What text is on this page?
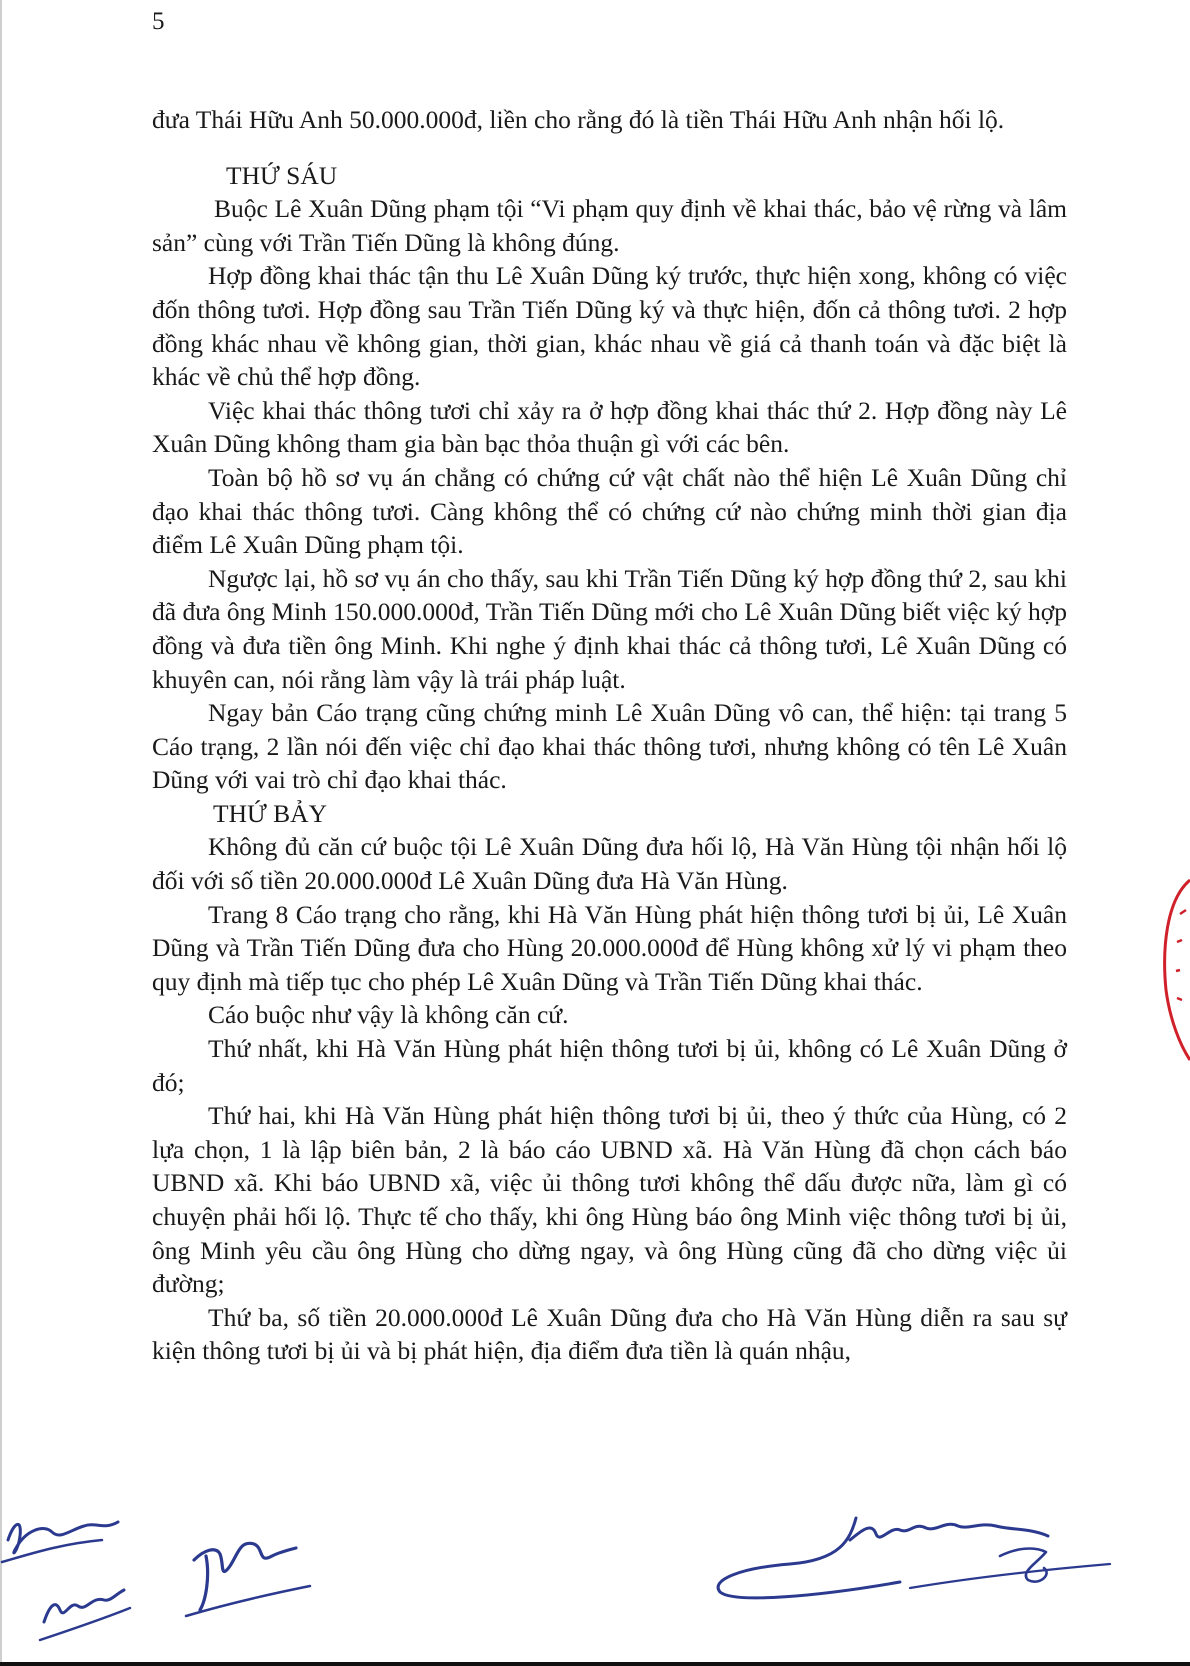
5

đưa Thái Hữu Anh 50.000.000đ, liền cho rằng đó là tiền Thái Hữu Anh nhận hối lộ.

THỨ SÁU

Buộc Lê Xuân Dũng phạm tội “Vi phạm quy định về khai thác, bảo vệ rừng và lâm sản” cùng với Trần Tiến Dũng là không đúng.

Hợp đồng khai thác tận thu Lê Xuân Dũng ký trước, thực hiện xong, không có việc đốn thông tươi. Hợp đồng sau Trần Tiến Dũng ký và thực hiện, đốn cả thông tươi. 2 hợp đồng khác nhau về không gian, thời gian, khác nhau về giá cả thanh toán và đặc biệt là khác về chủ thể hợp đồng.

Việc khai thác thông tươi chỉ xảy ra ở hợp đồng khai thác thứ 2. Hợp đồng này Lê Xuân Dũng không tham gia bàn bạc thỏa thuận gì với các bên.

Toàn bộ hồ sơ vụ án chẳng có chứng cứ vật chất nào thể hiện Lê Xuân Dũng chỉ đạo khai thác thông tươi. Càng không thể có chứng cứ nào chứng minh thời gian địa điểm Lê Xuân Dũng phạm tội.

Ngược lại, hồ sơ vụ án cho thấy, sau khi Trần Tiến Dũng ký hợp đồng thứ 2, sau khi đã đưa ông Minh 150.000.000đ, Trần Tiến Dũng mới cho Lê Xuân Dũng biết việc ký hợp đồng và đưa tiền ông Minh. Khi nghe ý định khai thác cả thông tươi, Lê Xuân Dũng có khuyên can, nói rằng làm vậy là trái pháp luật.

Ngay bản Cáo trạng cũng chứng minh Lê Xuân Dũng vô can, thể hiện: tại trang 5 Cáo trạng, 2 lần nói đến việc chỉ đạo khai thác thông tươi, nhưng không có tên Lê Xuân Dũng với vai trò chỉ đạo khai thác.

THỨ BẢY

Không đủ căn cứ buộc tội Lê Xuân Dũng đưa hối lộ, Hà Văn Hùng tội nhận hối lộ đối với số tiền 20.000.000đ Lê Xuân Dũng đưa Hà Văn Hùng.

Trang 8 Cáo trạng cho rằng, khi Hà Văn Hùng phát hiện thông tươi bị ủi, Lê Xuân Dũng và Trần Tiến Dũng đưa cho Hùng 20.000.000đ để Hùng không xử lý vi phạm theo quy định mà tiếp tục cho phép Lê Xuân Dũng và Trần Tiến Dũng khai thác.

Cáo buộc như vậy là không căn cứ.

Thứ nhất, khi Hà Văn Hùng phát hiện thông tươi bị ủi, không có Lê Xuân Dũng ở đó;

Thứ hai, khi Hà Văn Hùng phát hiện thông tươi bị ủi, theo ý thức của Hùng, có 2 lựa chọn, 1 là lập biên bản, 2 là báo cáo UBND xã. Hà Văn Hùng đã chọn cách báo UBND xã. Khi báo UBND xã, việc ủi thông tươi không thể dấu được nữa, làm gì có chuyện phải hối lộ. Thực tế cho thấy, khi ông Hùng báo ông Minh việc thông tươi bị ủi, ông Minh yêu cầu ông Hùng cho dừng ngay, và ông Hùng cũng đã cho dừng việc ủi đường;

Thứ ba, số tiền 20.000.000đ Lê Xuân Dũng đưa cho Hà Văn Hùng diễn ra sau sự kiện thông tươi bị ủi và bị phát hiện, địa điểm đưa tiền là quán nhậu,
